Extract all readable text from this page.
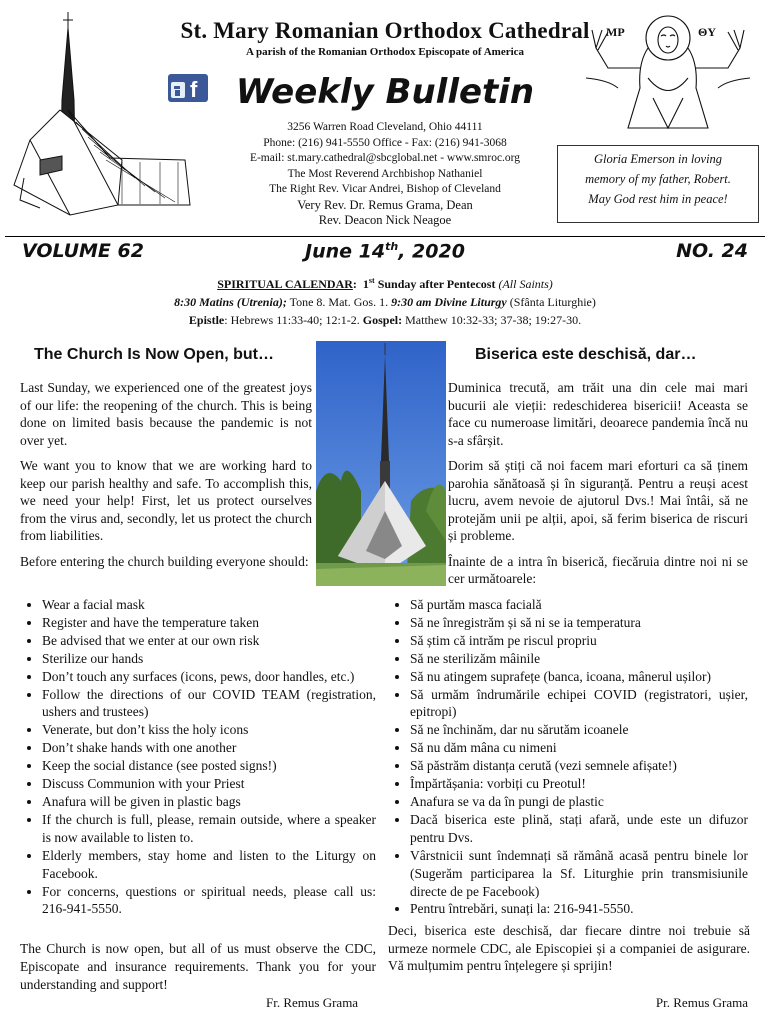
f
MP	ΘY
St. Mary Romanian Orthodox Cathedral
A parish of the Romanian Orthodox Episcopate of America
Weekly Bulletin
3256 Warren Road Cleveland, Ohio 44111
Phone: (216) 941-5550 Office - Fax: (216) 941-3068
E-mail: st.mary.cathedral@sbcglobal.net - www.smroc.org
The Most Reverend Archbishop Nathaniel
The Right Rev. Vicar Andrei, Bishop of Cleveland
Very Rev. Dr. Remus Grama, Dean
Rev. Deacon Nick Neagoe
Gloria Emerson in loving
memory of my father, Robert.
May God rest him in peace!
VOLUME 62	June 14th, 2020	NO. 24
SPIRITUAL CALENDAR: 1st Sunday after Pentecost (All Saints)
8:30 Matins (Utrenia); Tone 8. Mat. Gos. 1. 9:30 am Divine Liturgy (Sfânta Liturghie)
Epistle: Hebrews 11:33-40; 12:1-2. Gospel: Matthew 10:32-33; 37-38; 19:27-30.
The Church Is Now Open, but…	Biserica este deschisă, dar…

Last Sunday, we experienced one of the greatest joys of our life: the reopening of the church. This is being done on limited basis because the pandemic is not over yet.

We want you to know that we are working hard to keep our parish healthy and safe. To accomplish this, we need your help! First, let us protect ourselves from the virus and, secondly, let us protect the church from liabilities.

Before entering the church building everyone should:

• Wear a facial mask
• Register and have the temperature taken
• Be advised that we enter at our own risk
• Sterilize our hands
• Don’t touch any surfaces (icons, pews, door handles, etc.)
• Follow the directions of our COVID TEAM (registration, ushers and trustees)
• Venerate, but don’t kiss the holy icons
• Don’t shake hands with one another
• Keep the social distance (see posted signs!)
• Discuss Communion with your Priest
• Anafura will be given in plastic bags
• If the church is full, please, remain outside, where a speaker is now available to listen to.
• Elderly members, stay home and listen to the Liturgy on Facebook.
• For concerns, questions or spiritual needs, please call us: 216-941-5550.
The Church is now open, but all of us must observe the CDC, Episcopate and insurance requirements. Thank you for your understanding and support!
Fr. Remus Grama

Duminica trecută, am trăit una din cele mai mari bucurii ale vieții: redeschiderea bisericii! Aceasta se face cu numeroase limitări, deoarece pandemia încă nu s-a sfârșit.

Dorim să știți că noi facem mari eforturi ca să ținem parohia sănătoasă și în siguranță. Pentru a reuși acest lucru, avem nevoie de ajutorul Dvs.! Mai întâi, să ne protejăm unii pe alții, apoi, să ferim biserica de riscuri și probleme.

Înainte de a intra în biserică, fiecăruia dintre noi ni se cer următoarele:

• Să purtăm masca facială
• Să ne înregistrăm și să ni se ia temperatura
• Să știm că intrăm pe riscul propriu
• Să ne sterilizăm mâinile
• Să nu atingem suprafețe (banca, icoana, mânerul ușilor)
• Să urmăm îndrumările echipei COVID (registratori, ușier, epitropi)
• Să ne închinăm, dar nu sărutăm icoanele
• Să nu dăm mâna cu nimeni
• Să păstrăm distanța cerută (vezi semnele afișate!)
• Împărtășania: vorbiți cu Preotul!
• Anafura se va da în pungi de plastic
• Dacă biserica este plină, stați afară, unde este un difuzor pentru Dvs.
• Vârstnicii sunt îndemnați să rămână acasă pentru binele lor (Sugerăm participarea la Sf. Liturghie prin transmisiunile directe de pe Facebook)
• Pentru întrebări, sunați la: 216-941-5550.
Deci, biserica este deschisă, dar fiecare dintre noi trebuie să urmeze normele CDC, ale Episcopiei și a companiei de asigurare. Vă mulțumim pentru înțelegere și sprijin!
Pr. Remus Grama
